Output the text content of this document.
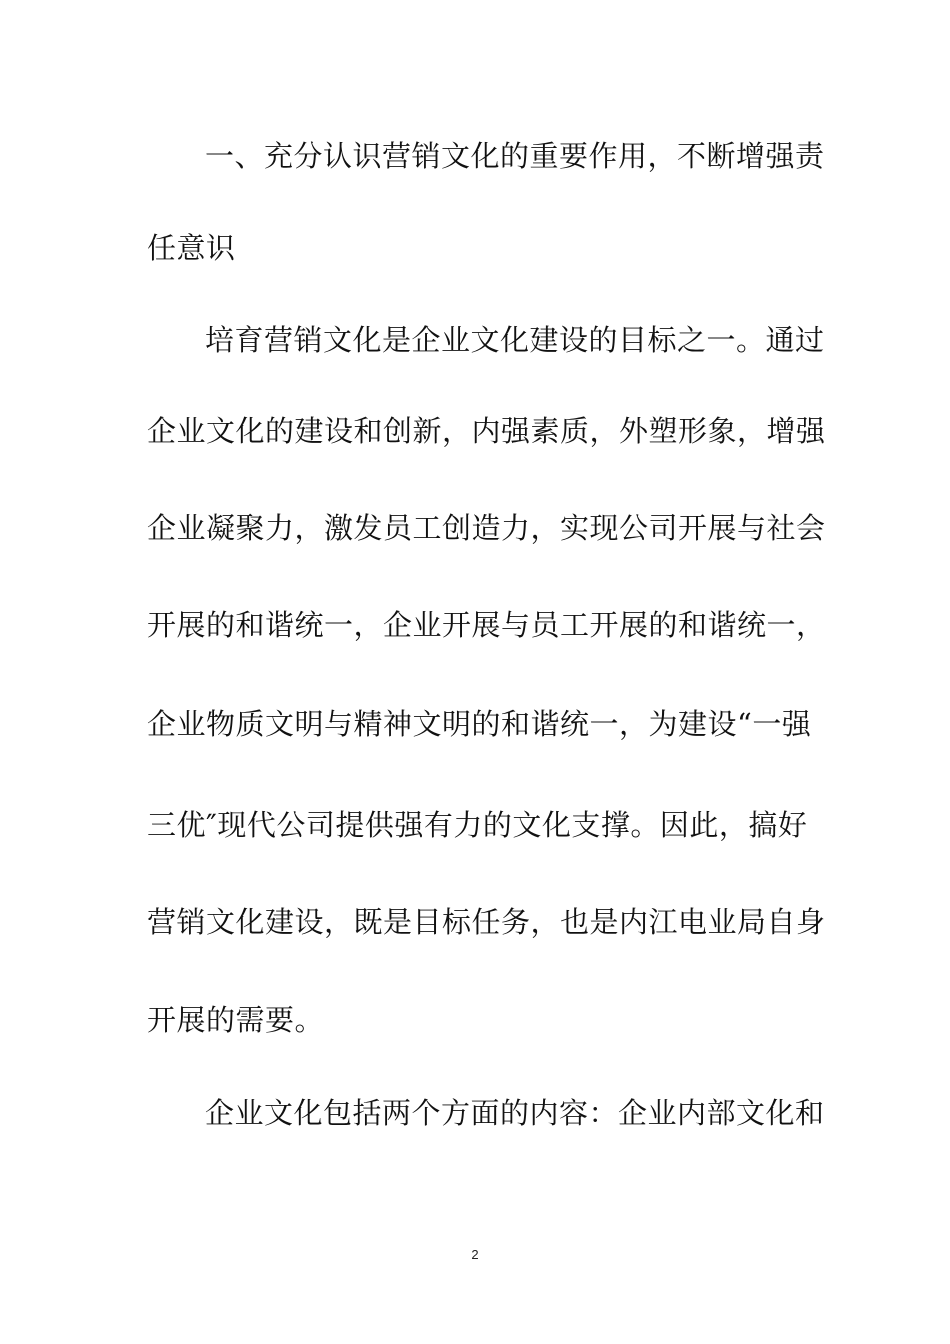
一、充分认识营销文化的重要作用，不断增强责
任意识
培育营销文化是企业文化建设的目标之一。通过
企业文化的建设和创新，内强素质，外塑形象，增强
企业凝聚力，激发员工创造力，实现公司开展与社会
开展的和谐统一，企业开展与员工开展的和谐统一，
企业物质文明与精神文明的和谐统一，为建设“一强
三优″现代公司提供强有力的文化支撑。因此，搞好
营销文化建设，既是目标任务，也是内江电业局自身
开展的需要。
企业文化包括两个方面的内容：企业内部文化和
2
